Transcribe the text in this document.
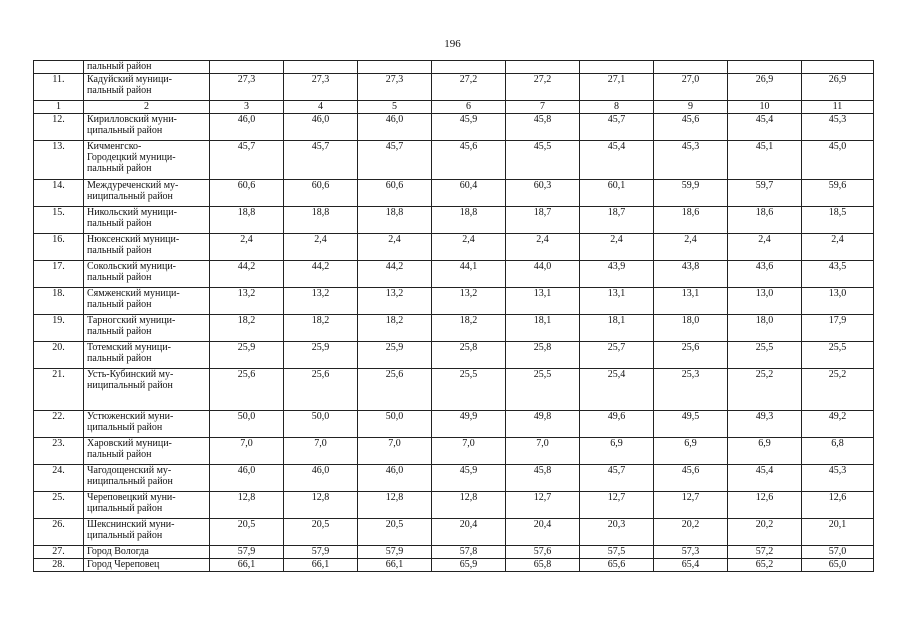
196
	пальный район									
11.	Кадуйский муници-
пальный район	27,3	27,3	27,3	27,2	27,2	27,1	27,0	26,9	26,9
1	2	3	4	5	6	7	8	9	10	11
12.	Кирилловский муни-
ципальный район	46,0	46,0	46,0	45,9	45,8	45,7	45,6	45,4	45,3
13.	Кичменгско-
Городецкий муници-
пальный район	45,7	45,7	45,7	45,6	45,5	45,4	45,3	45,1	45,0
14.	Междуреченский му-
ниципальный район	60,6	60,6	60,6	60,4	60,3	60,1	59,9	59,7	59,6
15.	Никольский муници-
пальный район	18,8	18,8	18,8	18,8	18,7	18,7	18,6	18,6	18,5
16.	Нюксенский муници-
пальный район	2,4	2,4	2,4	2,4	2,4	2,4	2,4	2,4	2,4
17.	Сокольский муници-
пальный район	44,2	44,2	44,2	44,1	44,0	43,9	43,8	43,6	43,5
18.	Сямженский муници-
пальный район	13,2	13,2	13,2	13,2	13,1	13,1	13,1	13,0	13,0
19.	Тарногский муници-
пальный район	18,2	18,2	18,2	18,2	18,1	18,1	18,0	18,0	17,9
20.	Тотемский муници-
пальный район	25,9	25,9	25,9	25,8	25,8	25,7	25,6	25,5	25,5
21.	Усть-Кубинский му-
ниципальный район	25,6	25,6	25,6	25,5	25,5	25,4	25,3	25,2	25,2
22.	Устюженский муни-
ципальный район	50,0	50,0	50,0	49,9	49,8	49,6	49,5	49,3	49,2
23.	Харовский муници-
пальный район	7,0	7,0	7,0	7,0	7,0	6,9	6,9	6,9	6,8
24.	Чагодощенский му-
ниципальный район	46,0	46,0	46,0	45,9	45,8	45,7	45,6	45,4	45,3
25.	Череповецкий муни-
ципальный район	12,8	12,8	12,8	12,8	12,7	12,7	12,7	12,6	12,6
26.	Шекснинский муни-
ципальный район	20,5	20,5	20,5	20,4	20,4	20,3	20,2	20,2	20,1
27.	Город Вологда	57,9	57,9	57,9	57,8	57,6	57,5	57,3	57,2	57,0
28.	Город Череповец	66,1	66,1	66,1	65,9	65,8	65,6	65,4	65,2	65,0
